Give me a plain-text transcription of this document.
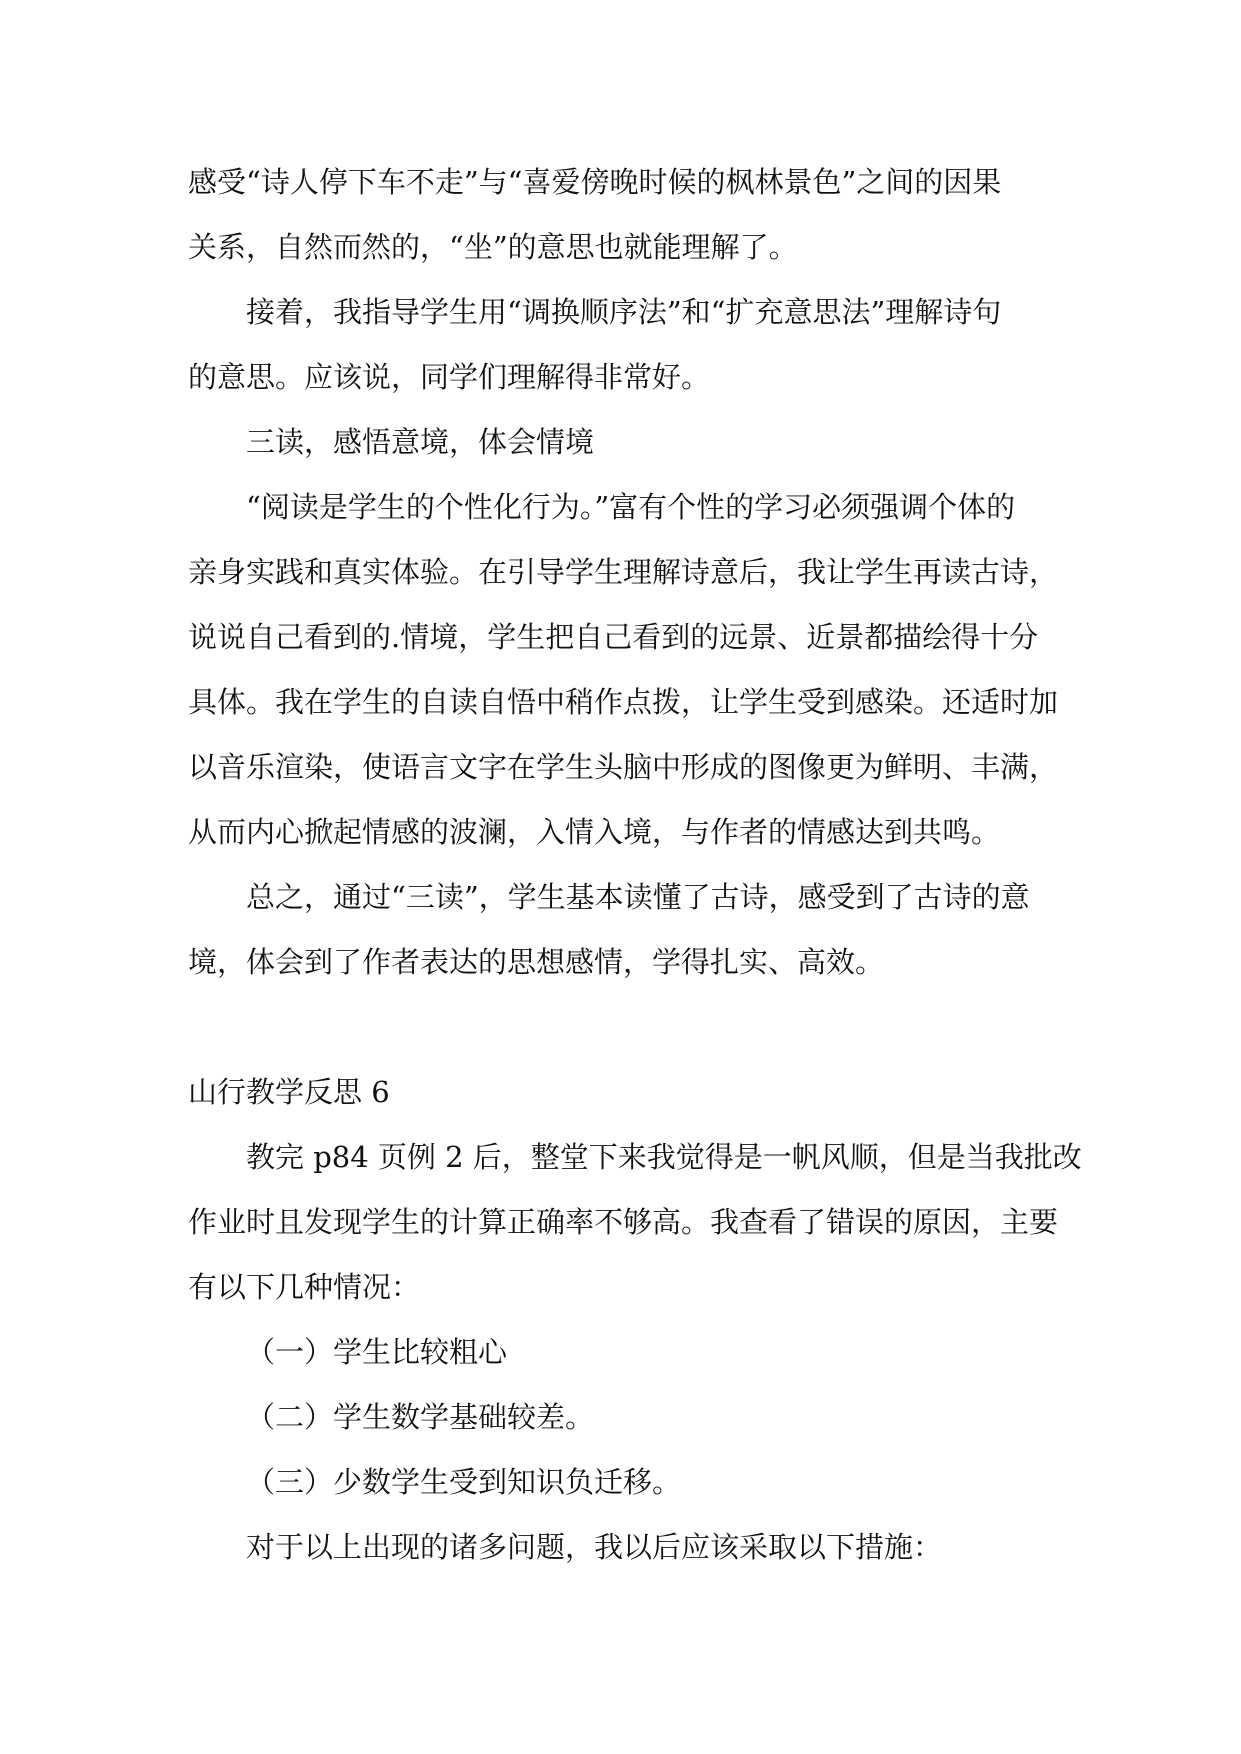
感受“诗人停下车不走”与“喜爱傍晚时候的枫林景色”之间的因果
关系，自然而然的，“坐”的意思也就能理解了。
接着，我指导学生用“调换顺序法”和“扩充意思法”理解诗句
的意思。应该说，同学们理解得非常好。
三读，感悟意境，体会情境
“阅读是学生的个性化行为。”富有个性的学习必须强调个体的
亲身实践和真实体验。在引导学生理解诗意后，我让学生再读古诗，
说说自己看到的.情境，学生把自己看到的远景、近景都描绘得十分
具体。我在学生的自读自悟中稍作点拨，让学生受到感染。还适时加
以音乐渲染，使语言文字在学生头脑中形成的图像更为鲜明、丰满，
从而内心掀起情感的波澜，入情入境，与作者的情感达到共鸣。
总之，通过“三读”，学生基本读懂了古诗，感受到了古诗的意
境，体会到了作者表达的思想感情，学得扎实、高效。
山行教学反思 6
教完 p84 页例 2 后，整堂下来我觉得是一帆风顺，但是当我批改
作业时且发现学生的计算正确率不够高。我查看了错误的原因，主要
有以下几种情况：
（一）学生比较粗心
（二）学生数学基础较差。
（三）少数学生受到知识负迁移。
对于以上出现的诸多问题，我以后应该采取以下措施：
